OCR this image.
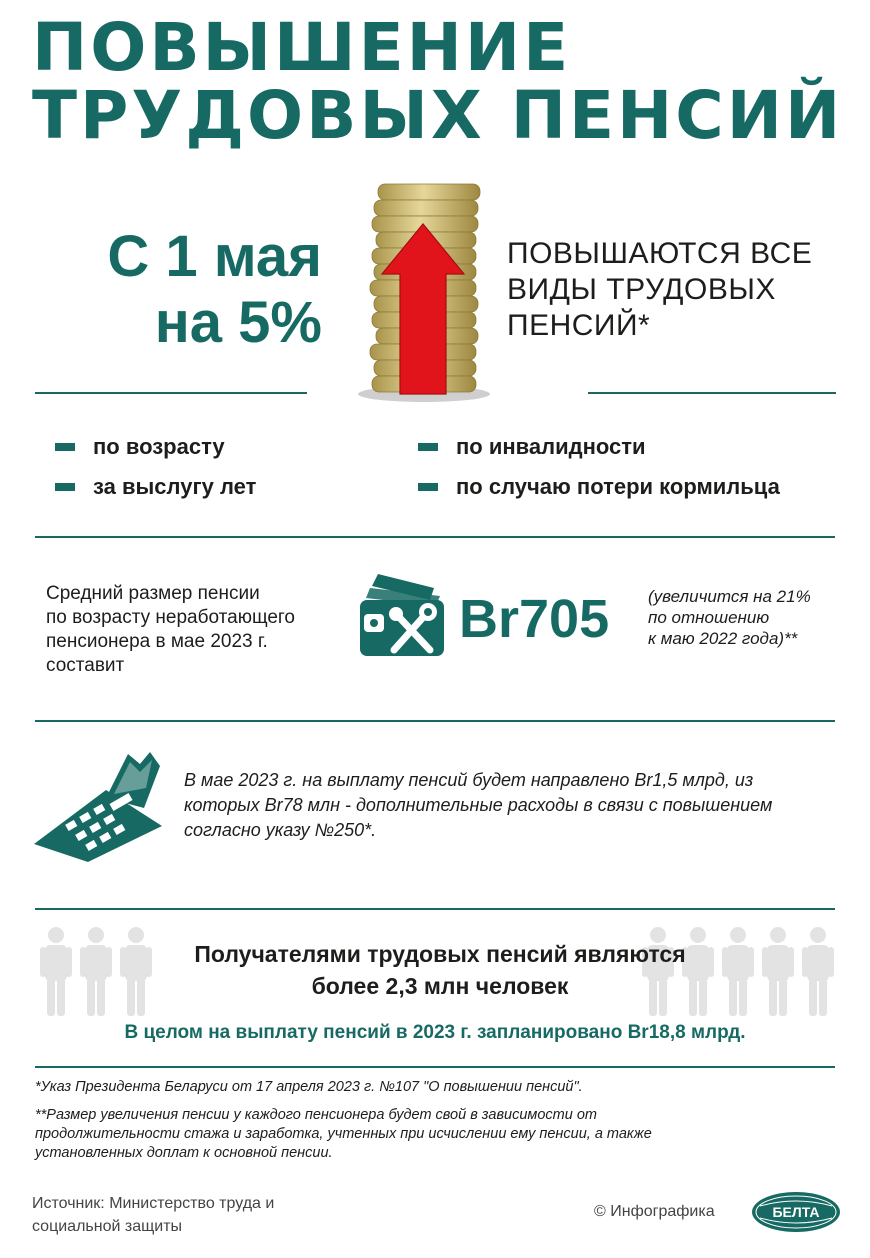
ПОВЫШЕНИЕ
ТРУДОВЫХ ПЕНСИЙ
С 1 мая
на 5%
ПОВЫШАЮТСЯ ВСЕ
ВИДЫ ТРУДОВЫХ
ПЕНСИЙ*
по возрасту	по инвалидности
за выслугу лет	по случаю потери кормильца
Средний размер пенсии
по возрасту неработающего
пенсионера в мае 2023 г.
составит
Br705 (увеличится на 21%
по отношению
к маю 2022 года)**
В мае 2023 г. на выплату пенсий будет направлено Br1,5 млрд, из
которых Br78 млн - дополнительные расходы в связи с повышением
согласно указу №250*.
Получателями трудовых пенсий являются
более 2,3 млн человек
В целом на выплату пенсий в 2023 г. запланировано Br18,8 млрд.
*Указ Президента Беларуси от 17 апреля 2023 г. №107 "О повышении пенсий".
**Размер увеличения пенсии у каждого пенсионера будет свой в зависимости от
продолжительности стажа и заработка, учтенных при исчислении ему пенсии, а также
установленных доплат к основной пенсии.
Источник: Министерство труда и
социальной защиты
© Инфографика	БЕЛТА
